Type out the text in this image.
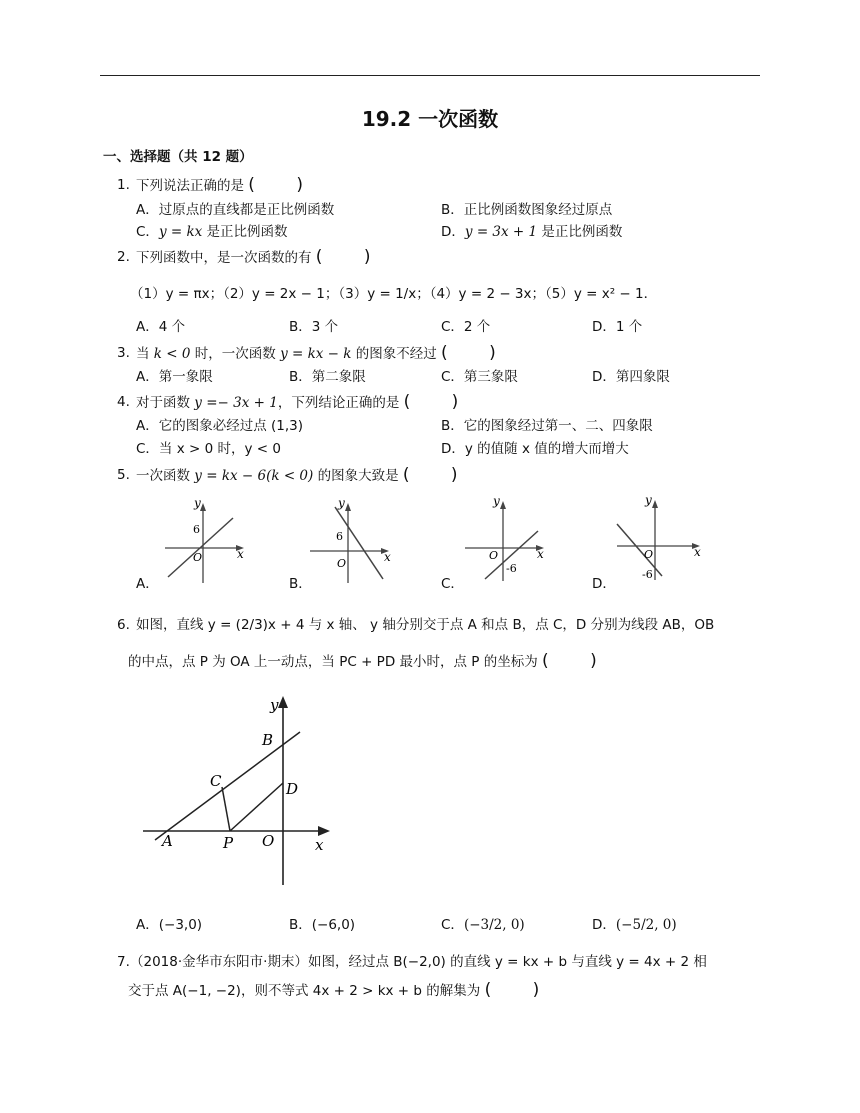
19.2 一次函数
一、选择题（共 12 题）
1. 下列说法正确的是 ( )
A．过原点的直线都是正比例函数	B．正比例函数图象经过原点
C．y = kx 是正比例函数	D．y = 3x + 1 是正比例函数
2. 下列函数中，是一次函数的有 ( )
（1）y = πx；（2）y = 2x − 1；（3）y = 1/x；（4）y = 2 − 3x；（5）y = x² − 1．
A．4 个	B．3 个	C．2 个	D．1 个
3. 当 k < 0 时，一次函数 y = kx − k 的图象不经过 ( )
A．第一象限	B．第二象限	C．第三象限	D．第四象限
4. 对于函数 y =− 3x + 1，下列结论正确的是 ( )
A．它的图象必经过点 (1,3)	B．它的图象经过第一、二、四象限
C．当 x > 0 时，y < 0	D．y 的值随 x 值的增大而增大
5. 一次函数 y = kx − 6(k < 0) 的图象大致是 ( )
y
x
O
6
A．
y
x
O
6
B．
y
x
O
-6
C．
y
x
O
-6
D．
6. 如图，直线 y = (2/3)x + 4 与 x 轴、 y 轴分别交于点 A 和点 B，点 C，D 分别为线段 AB，OB
的中点，点 P 为 OA 上一动点，当 PC + PD 最小时，点 P 的坐标为 ( )
y
x
B
C	D
A	P O
A．(−3,0)	B．(−6,0)	C．(−3/2, 0)	D．(−5/2, 0)
7. （2018·金华市东阳市·期末）如图，经过点 B(−2,0) 的直线 y = kx + b 与直线 y = 4x + 2 相
交于点 A(−1, −2)，则不等式 4x + 2 > kx + b 的解集为 ( )
